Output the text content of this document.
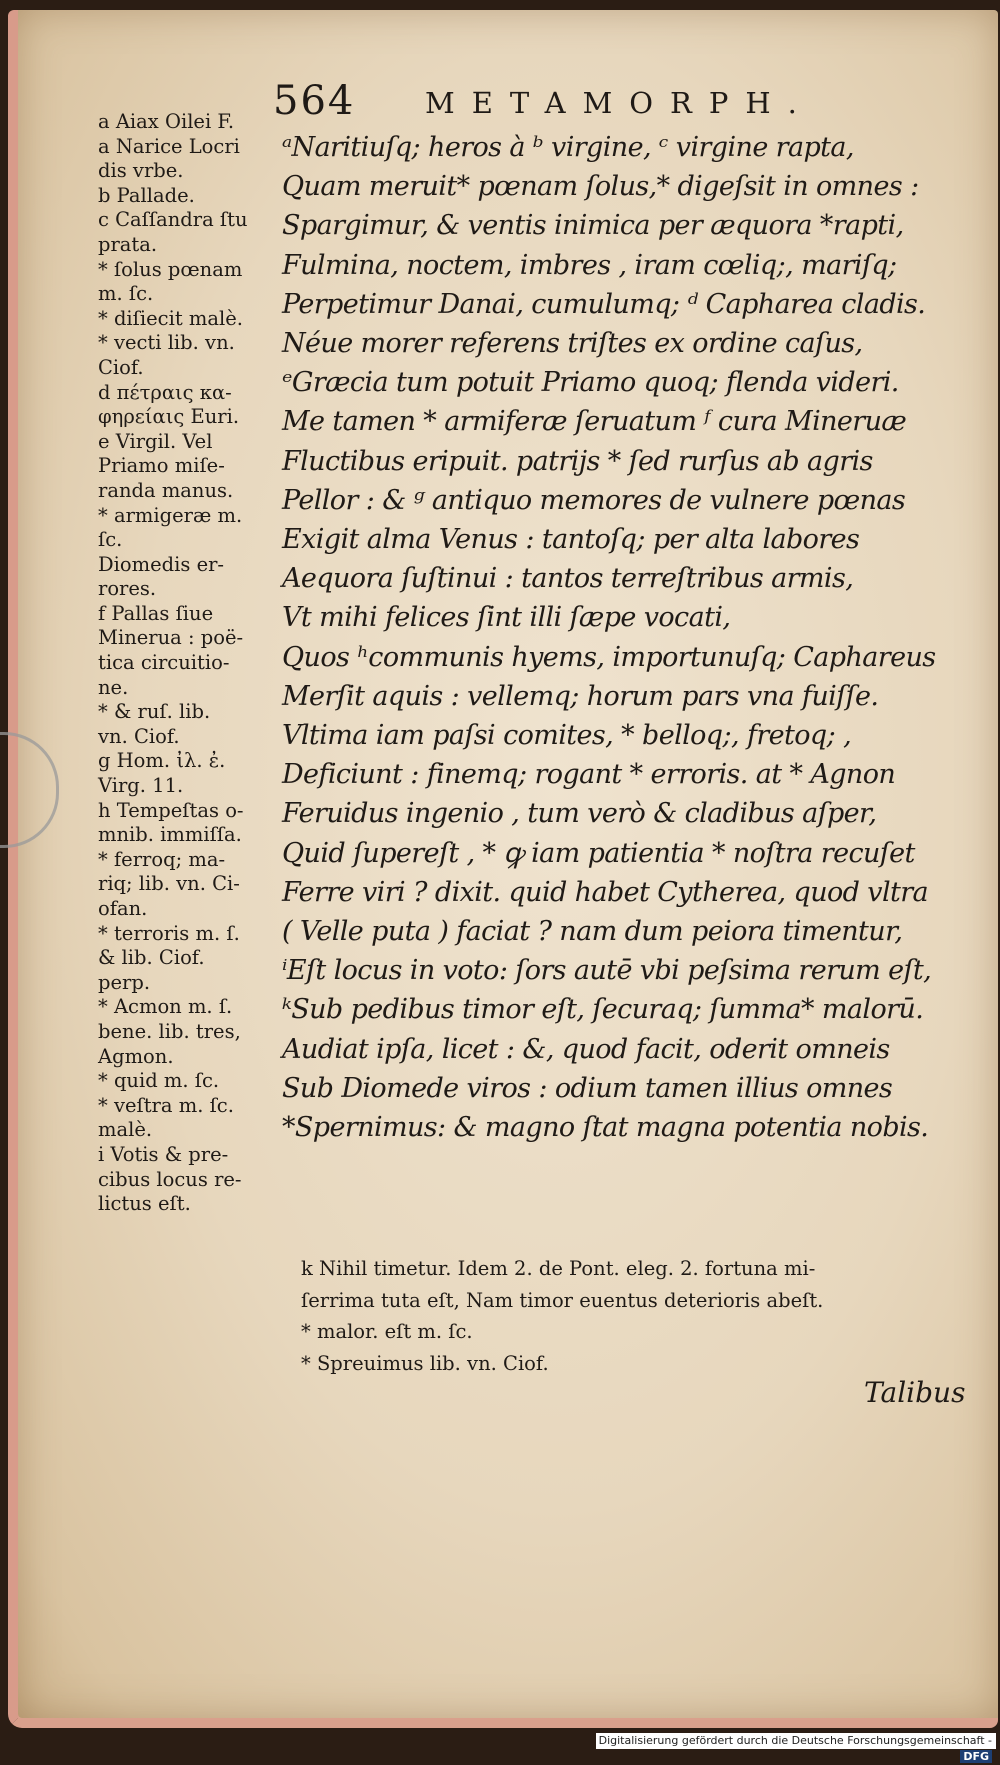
564 METAMORPH.
a Aiax Oilei F.
a Narice Locri
dis vrbe.
b Pallade.
c Caſſandra ſtu
prata.
* ſolus pœnam
m. ſc.
* diſiecit malè.
* vecti lib. vn.
Ciof.
d πέτραις κα-
φηρείαις Euri.
e Virgil. Vel
Priamo miſe-
randa manus.
* armigeræ m.
ſc.
Diomedis er-
rores.
f Pallas ſiue
Minerua : poë-
tica circuitio-
ne.
* & ruſ. lib.
vn. Ciof.
g Hom. ἰλ. ἐ.
Virg. 11.
h Tempeſtas o-
mnib. immiſſa.
* ferroq; ma-
riq; lib. vn. Ci-
ofan.
* terroris m. ſ.
& lib. Ciof.
perp.
* Acmon m. ſ.
bene. lib. tres,
Agmon.
* quid m. ſc.
* veſtra m. ſc.
malè.
i Votis & pre-
cibus locus re-
lictus eſt.
ᵃNaritiuſq; heros à ᵇ virgine, ᶜ virgine rapta,
Quam meruit* pœnam ſolus,* digeſsit in omnes :
Spargimur, & ventis inimica per æquora *rapti,
Fulmina, noctem, imbres , iram cœliq;, mariſq;
Perpetimur Danai, cumulumq; ᵈ Caphareа cladis.
Néue morer referens triſtes ex ordine caſus,
ᵉGræcia tum potuit Priamo quoq; flenda videri.
Me tamen * armiferæ ſeruatum ᶠ cura Mineruæ
Fluctibus eripuit. patrijs * ſed rurſus ab agris
Pellor : & ᵍ antiquo memores de vulnere pœnas
Exigit alma Venus : tantoſq; per alta labores
Aequora ſuſtinui : tantos terreſtribus armis,
Vt mihi felices ſint illi ſæpe vocati,
Quos ʰcommunis hyems, importunuſq; Caphareus
Merſit aquis : vellemq; horum pars vna fuiſſe.
Vltima iam paſsi comites, * belloq;, fretoq; ,
Deficiunt : finemq; rogant * erroris. at * Agnon
Feruidus ingenio , tum verò & cladibus aſper,
Quid ſupereſt , * ꝙ iam patientia * noſtra recuſet
Ferre viri ? dixit. quid habet Cytherea, quod vltra
( Velle puta ) faciat ? nam dum peiora timentur,
ⁱEſt locus in voto: ſors autē vbi peſsima rerum eſt,
ᵏSub pedibus timor eſt, ſecuraq; ſumma* malorū.
Audiat ipſa, licet : &, quod facit, oderit omneis
Sub Diomede viros : odium tamen illius omnes
*Spernimus: & magno ſtat magna potentia nobis.
k Nihil timetur. Idem 2. de Pont. eleg. 2. fortuna mi-
ſerrima tuta eſt, Nam timor euentus deterioris abeſt.
* malor. eſt m. ſc.
* Spreuimus lib. vn. Ciof.
Talibus
Digitalisierung gefördert durch die Deutsche Forschungsgemeinschaft -DFG
